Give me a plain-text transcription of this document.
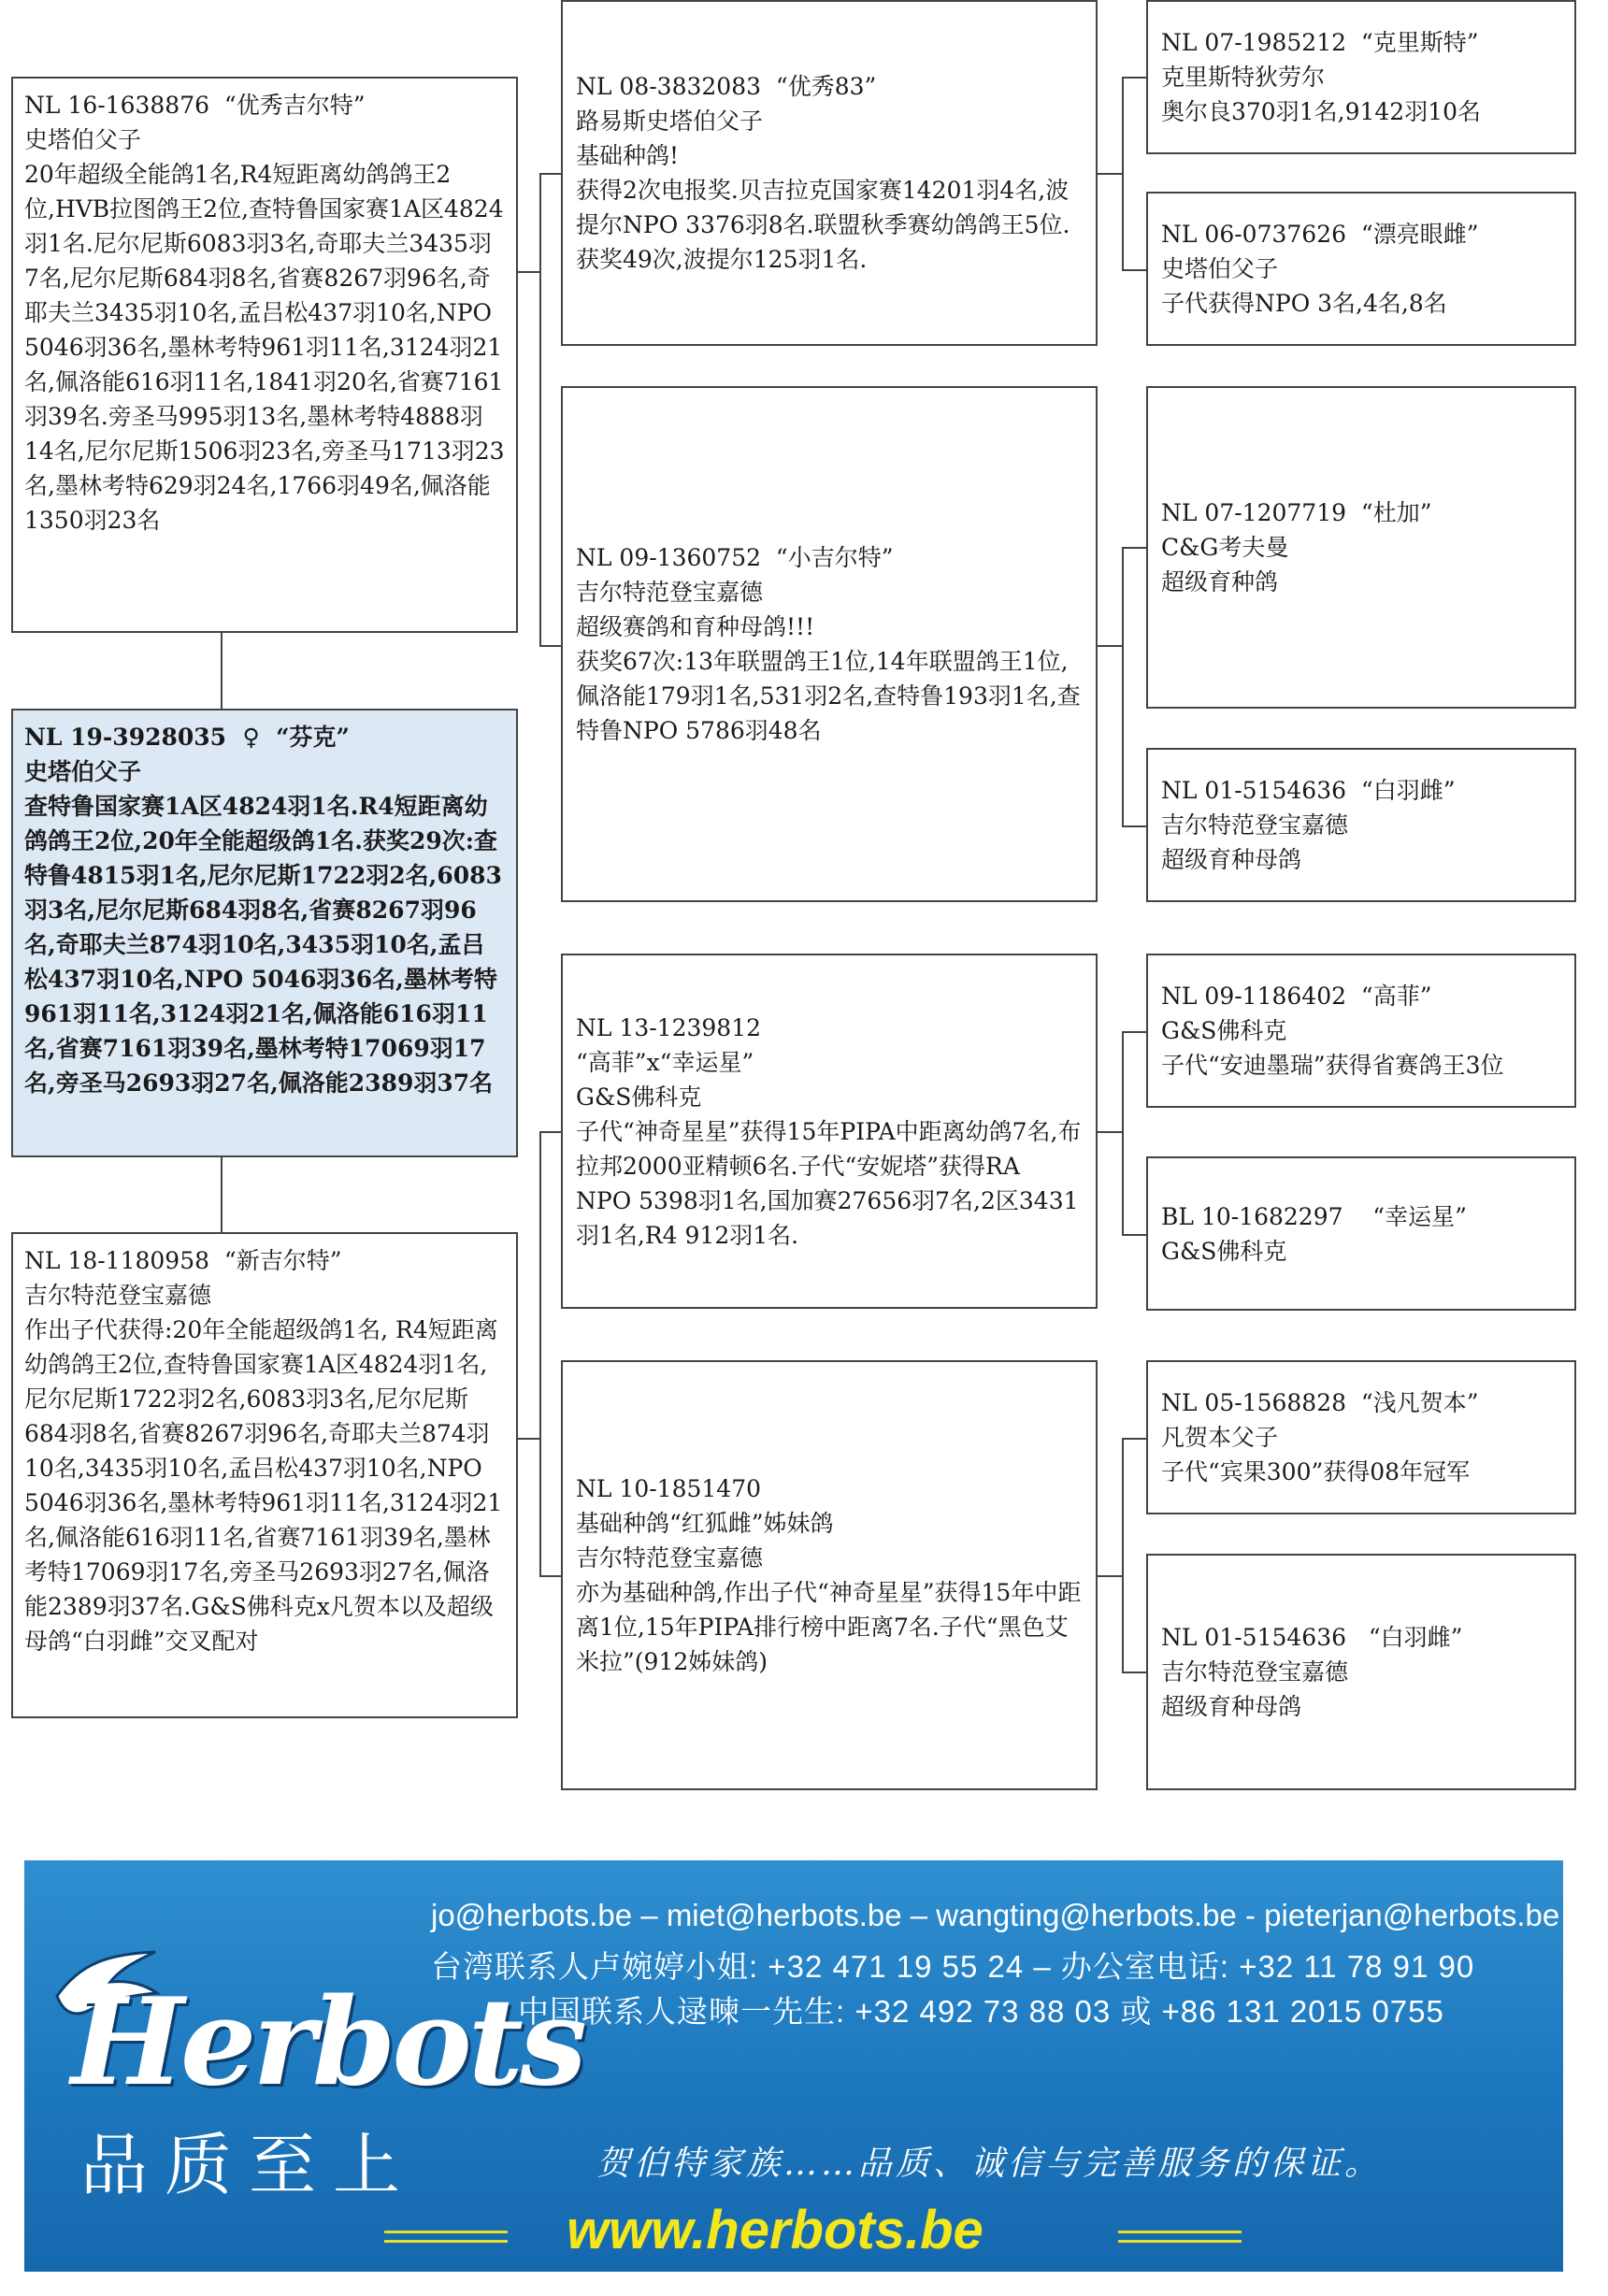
NL 16-1638876  “优秀吉尔特”
史塔伯父子
20年超级全能鸽1名,R4短距离幼鸽鸽王2位,HVB拉图鸽王2位,查特鲁国家赛1A区4824羽1名.尼尔尼斯6083羽3名,奇耶夫兰3435羽7名,尼尔尼斯684羽8名,省赛8267羽96名,奇耶夫兰3435羽10名,孟吕松437羽10名,NPO 5046羽36名,墨林考特961羽11名,3124羽21名,佩洛能616羽11名,1841羽20名,省赛7161羽39名.旁圣马995羽13名,墨林考特4888羽14名,尼尔尼斯1506羽23名,旁圣马1713羽23名,墨林考特629羽24名,1766羽49名,佩洛能1350羽23名
NL 19-3928035  ♀  “芬克”
史塔伯父子
查特鲁国家赛1A区4824羽1名.R4短距离幼鸽鸽王2位,20年全能超级鸽1名.获奖29次:查特鲁4815羽1名,尼尔尼斯1722羽2名,6083羽3名,尼尔尼斯684羽8名,省赛8267羽96名,奇耶夫兰874羽10名,3435羽10名,孟吕松437羽10名,NPO 5046羽36名,墨林考特961羽11名,3124羽21名,佩洛能616羽11名,省赛7161羽39名,墨林考特17069羽17名,旁圣马2693羽27名,佩洛能2389羽37名
NL 18-1180958  “新吉尔特”
吉尔特范登宝嘉德
作出子代获得:20年全能超级鸽1名, R4短距离幼鸽鸽王2位,查特鲁国家赛1A区4824羽1名,尼尔尼斯1722羽2名,6083羽3名,尼尔尼斯684羽8名,省赛8267羽96名,奇耶夫兰874羽10名,3435羽10名,孟吕松437羽10名,NPO 5046羽36名,墨林考特961羽11名,3124羽21名,佩洛能616羽11名,省赛7161羽39名,墨林考特17069羽17名,旁圣马2693羽27名,佩洛能2389羽37名.G&S佛科克x凡贺本以及超级母鸽“白羽雌”交叉配对
NL 08-3832083  “优秀83”
路易斯史塔伯父子
基础种鸽!
获得2次电报奖.贝吉拉克国家赛14201羽4名,波提尔NPO 3376羽8名.联盟秋季赛幼鸽鸽王5位.获奖49次,波提尔125羽1名.
NL 09-1360752  “小吉尔特”
吉尔特范登宝嘉德
超级赛鸽和育种母鸽!!!
获奖67次:13年联盟鸽王1位,14年联盟鸽王1位,佩洛能179羽1名,531羽2名,查特鲁193羽1名,查特鲁NPO 5786羽48名
NL 13-1239812
“高菲”x“幸运星”
G&S佛科克
子代“神奇星星”获得15年PIPA中距离幼鸽7名,布拉邦2000亚精顿6名.子代“安妮塔”获得RA NPO 5398羽1名,国加赛27656羽7名,2区3431羽1名,R4 912羽1名.
NL 10-1851470
基础种鸽“红狐雌”姊妹鸽
吉尔特范登宝嘉德
亦为基础种鸽,作出子代“神奇星星”获得15年中距离1位,15年PIPA排行榜中距离7名.子代“黑色艾米拉”(912姊妹鸽)
NL 07-1985212  “克里斯特”
克里斯特狄劳尔
奥尔良370羽1名,9142羽10名
NL 06-0737626  “漂亮眼雌”
史塔伯父子
子代获得NPO 3名,4名,8名
NL 07-1207719  “杜加”
C&G考夫曼
超级育种鸽
NL 01-5154636  “白羽雌”
吉尔特范登宝嘉德
超级育种母鸽
NL 09-1186402  “高菲”
G&S佛科克
子代“安迪墨瑞”获得省赛鸽王3位
BL 10-1682297    “幸运星”
G&S佛科克
NL 05-1568828  “浅凡贺本”
凡贺本父子
子代“宾果300”获得08年冠军
NL 01-5154636   “白羽雌”
吉尔特范登宝嘉德
超级育种母鸽
Herbots
品质至上
jo@herbots.be – miet@herbots.be – wangting@herbots.be - pieterjan@herbots.be
台湾联系人卢婉婷小姐: +32 471 19 55 24 – 办公室电话: +32 11 78 91 90
中国联系人逯暕一先生: +32 492 73 88 03 或 +86 131 2015 0755
贺伯特家族……品质、诚信与完善服务的保证。
www.herbots.be
